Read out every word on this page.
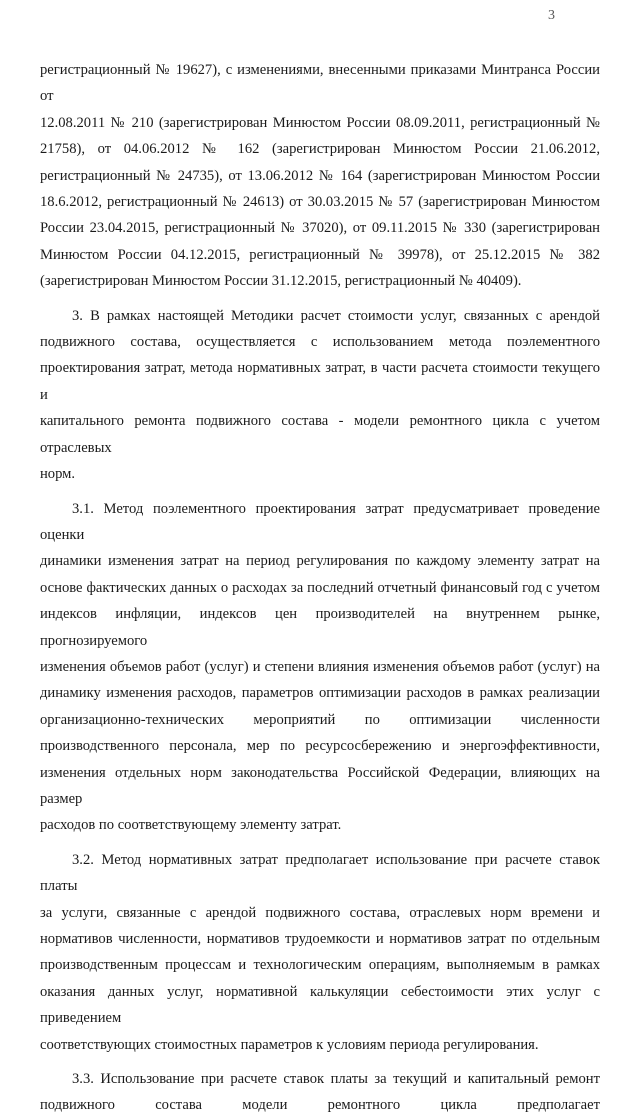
3

регистрационный № 19627), с изменениями, внесенными приказами Минтранса России от

12.08.2011 № 210 (зарегистрирован Минюстом России 08.09.2011, регистрационный №

21758), от 04.06.2012 № 162 (зарегистрирован Минюстом России 21.06.2012,

регистрационный № 24735), от 13.06.2012 № 164 (зарегистрирован Минюстом России

18.6.2012, регистрационный № 24613) от 30.03.2015 № 57 (зарегистрирован Минюстом

России 23.04.2015, регистрационный № 37020), от 09.11.2015 № 330 (зарегистрирован

Минюстом России 04.12.2015, регистрационный № 39978), от 25.12.2015 № 382

(зарегистрирован Минюстом России 31.12.2015, регистрационный № 40409).

3. В рамках настоящей Методики расчет стоимости услуг, связанных с арендой

подвижного состава, осуществляется с использованием метода поэлементного

проектирования затрат, метода нормативных затрат, в части расчета стоимости текущего и

капитального ремонта подвижного состава - модели ремонтного цикла с учетом отраслевых

норм.

3.1. Метод поэлементного проектирования затрат предусматривает проведение оценки

динамики изменения затрат на период регулирования по каждому элементу затрат на

основе фактических данных о расходах за последний отчетный финансовый год с учетом

индексов инфляции, индексов цен производителей на внутреннем рынке, прогнозируемого

изменения объемов работ (услуг) и степени влияния изменения объемов работ (услуг) на

динамику изменения расходов, параметров оптимизации расходов в рамках реализации

организационно-технических мероприятий по оптимизации численности

производственного персонала, мер по ресурсосбережению и энергоэффективности,

изменения отдельных норм законодательства Российской Федерации, влияющих на размер

расходов по соответствующему элементу затрат.

3.2. Метод нормативных затрат предполагает использование при расчете ставок платы

за услуги, связанные с арендой подвижного состава, отраслевых норм времени и

нормативов численности, нормативов трудоемкости и нормативов затрат по отдельным

производственным процессам и технологическим операциям, выполняемым в рамках

оказания данных услуг, нормативной калькуляции себестоимости этих услуг с приведением

соответствующих стоимостных параметров к условиям периода регулирования.

3.3. Использование при расчете ставок платы за текущий и капитальный ремонт

подвижного состава модели ремонтного цикла предполагает
